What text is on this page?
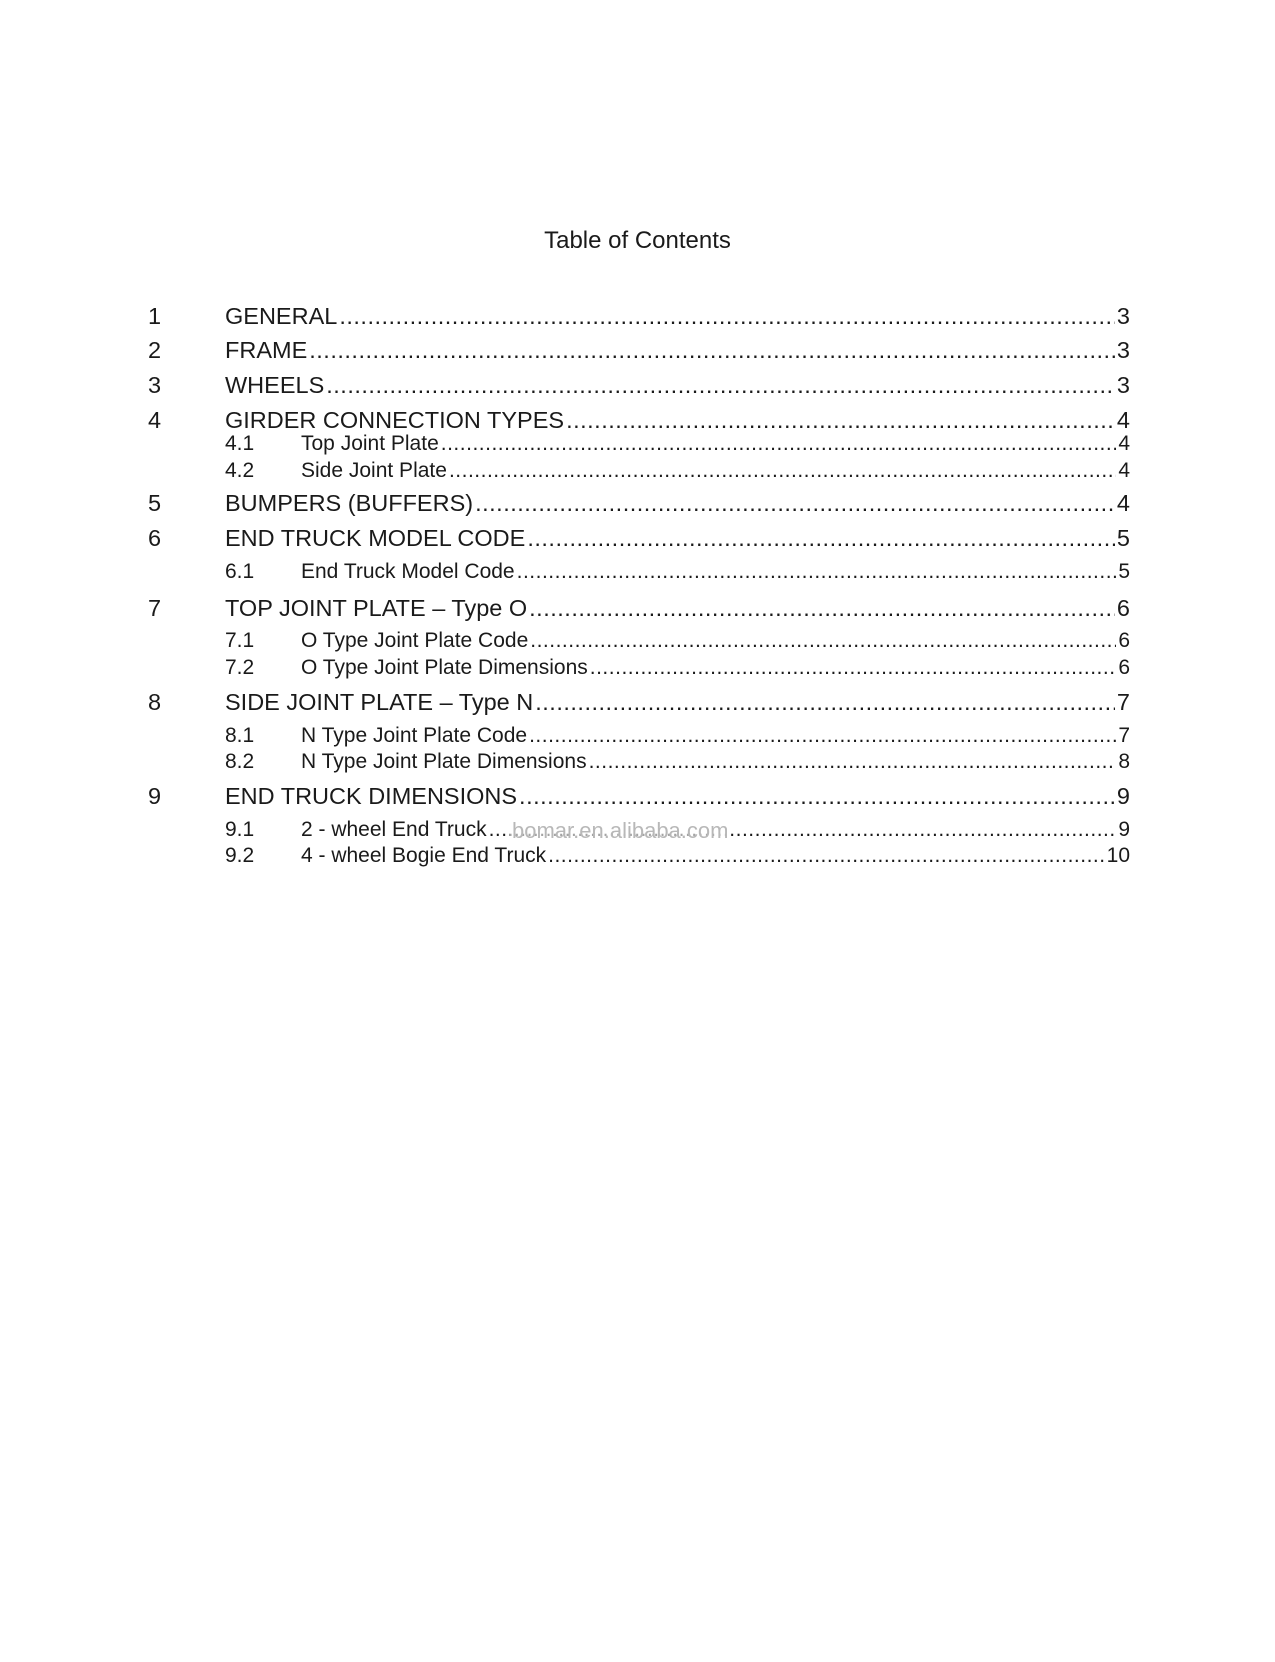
Table of Contents
1	GENERAL .....	3
2	FRAME .....	3
3	WHEELS .....	3
4	GIRDER CONNECTION TYPES .....	4
4.1	Top Joint Plate .....	4
4.2	Side Joint Plate .....	4
5	BUMPERS (BUFFERS) .....	4
6	END TRUCK MODEL CODE .....	5
6.1	End Truck Model Code .....	5
7	TOP JOINT PLATE – Type O .....	6
7.1	O Type Joint Plate Code .....	6
7.2	O Type Joint Plate Dimensions .....	6
8	SIDE JOINT PLATE – Type N .....	7
8.1	N Type Joint Plate Code .....	7
8.2	N Type Joint Plate Dimensions .....	8
9	END TRUCK DIMENSIONS .....	9
9.1	2 - wheel End Truck .....	9
9.2	4 - wheel Bogie End Truck .....	10
bomar.en.alibaba.com
